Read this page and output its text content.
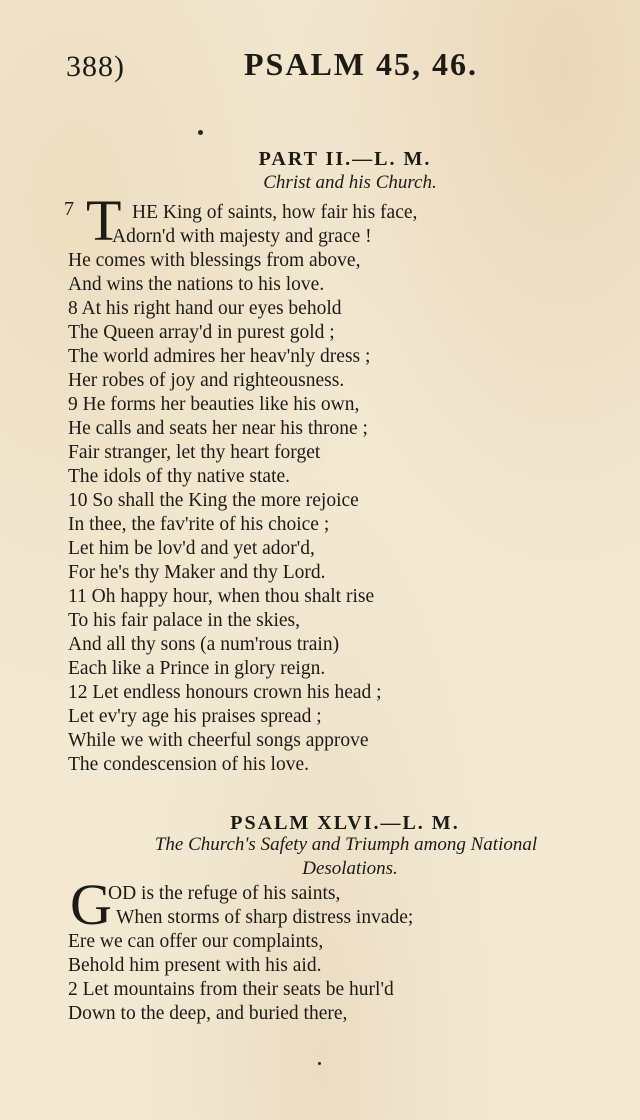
388)	PSALM 45, 46.
PART II.—L. M.
Christ and his Church.
7 T HE King of saints, how fair his face,
Adorn'd with majesty and grace !
He comes with blessings from above,
And wins the nations to his love.
8 At his right hand our eyes behold
The Queen array'd in purest gold ;
The world admires her heav'nly dress ;
Her robes of joy and righteousness.
9 He forms her beauties like his own,
He calls and seats her near his throne ;
Fair stranger, let thy heart forget
The idols of thy native state.
10 So shall the King the more rejoice
In thee, the fav'rite of his choice ;
Let him be lov'd and yet ador'd,
For he's thy Maker and thy Lord.
11 Oh happy hour, when thou shalt rise
To his fair palace in the skies,
And all thy sons (a num'rous train)
Each like a Prince in glory reign.
12 Let endless honours crown his head ;
Let ev'ry age his praises spread ;
While we with cheerful songs approve
The condescension of his love.
PSALM XLVI.—L. M.
The Church's Safety and Triumph among National
Desolations.
G
OD is the refuge of his saints,
When storms of sharp distress invade;
Ere we can offer our complaints,
Behold him present with his aid.
2 Let mountains from their seats be hurl'd
Down to the deep, and buried there,
